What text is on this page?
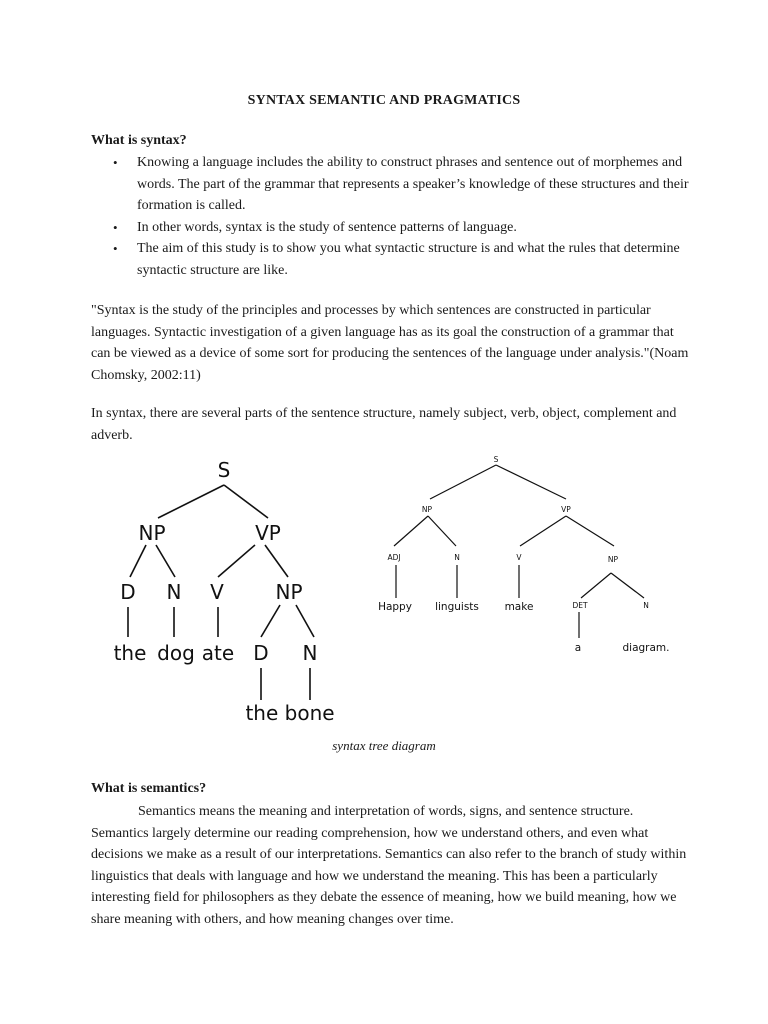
SYNTAX SEMANTIC AND PRAGMATICS
What is syntax?
• Knowing a language includes the ability to construct phrases and sentence out of morphemes and words. The part of the grammar that represents a speaker’s knowledge of these structures and their formation is called.
• In other words, syntax is the study of sentence patterns of language.
• The aim of this study is to show you what syntactic structure is and what the rules that determine syntactic structure are like.

"Syntax is the study of the principles and processes by which sentences are constructed in particular languages. Syntactic investigation of a given language has as its goal the construction of a grammar that can be viewed as a device of some sort for producing the sentences of the language under analysis."(Noam Chomsky, 2002:11)

In syntax, there are several parts of the sentence structure, namely subject, verb, object, complement and adverb.

S
NP	VP
D N V	NP
the dog ate D N
the bone
S
NP	VP
ADJ	N	V	NP
DET	N
Happy linguists make
a	diagram.
syntax tree diagram
What is semantics?

Semantics means the meaning and interpretation of words, signs, and sentence structure. Semantics largely determine our reading comprehension, how we understand others, and even what decisions we make as a result of our interpretations. Semantics can also refer to the branch of study within linguistics that deals with language and how we understand the meaning. This has been a particularly interesting field for philosophers as they debate the essence of meaning, how we build meaning, how we share meaning with others, and how meaning changes over time.
